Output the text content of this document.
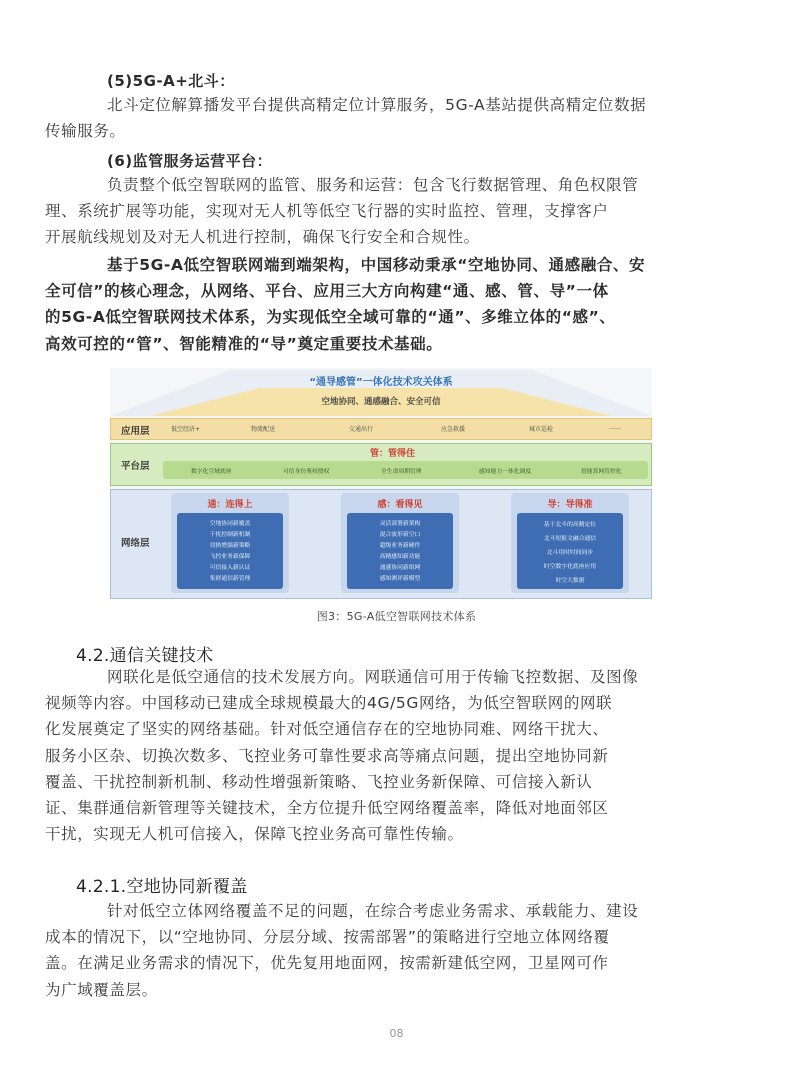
(5)5G-A+北斗：
北斗定位解算播发平台提供高精定位计算服务，5G-A基站提供高精定位数据
传输服务。
(6)监管服务运营平台：
负责整个低空智联网的监管、服务和运营：包含飞行数据管理、角色权限管
理、系统扩展等功能，实现对无人机等低空飞行器的实时监控、管理，支撑客户
开展航线规划及对无人机进行控制，确保飞行安全和合规性。
基于5G-A低空智联网端到端架构，中国移动秉承“空地协同、通感融合、安
全可信”的核心理念，从网络、平台、应用三大方向构建“通、感、管、导”一体
的5G-A低空智联网技术体系，为实现低空全域可靠的“通”、多维立体的“感”、
高效可控的“管”、智能精准的“导”奠定重要技术基础。
“通导感管”一体化技术攻关体系
空地协同、通感融合、安全可信
应用层	低空经济+	物流配送	交通出行	应急救援	城市巡检	……
平台层
管：管得住
数字化空域底座	可信身份鉴权授权	全生命周期管理	感知能力一体化调度	智能算网管控化
网络层
通：连得上
空地协同新覆盖
干扰控制新机制
切换增强新策略
飞控业务新保障
可信接入新认证
集群通信新管理
感：看得见
灵活部署新架构
混合波形新空口
超级业务新硬件
高精感知新功能
通感协同新组网
感知测评新模型
导：导得准
基于北斗的高精定位
北斗短报文融合通信
北斗用时时间同步
时空数字化底座应用
时空大数据
图3：5G-A低空智联网技术体系
4.2.通信关键技术
网联化是低空通信的技术发展方向。网联通信可用于传输飞控数据、及图像
视频等内容。中国移动已建成全球规模最大的4G/5G网络，为低空智联网的网联
化发展奠定了坚实的网络基础。针对低空通信存在的空地协同难、网络干扰大、
服务小区杂、切换次数多、飞控业务可靠性要求高等痛点问题，提出空地协同新
覆盖、干扰控制新机制、移动性增强新策略、飞控业务新保障、可信接入新认
证、集群通信新管理等关键技术，全方位提升低空网络覆盖率，降低对地面邻区
干扰，实现无人机可信接入，保障飞控业务高可靠性传输。
4.2.1.空地协同新覆盖
针对低空立体网络覆盖不足的问题，在综合考虑业务需求、承载能力、建设
成本的情况下，以“空地协同、分层分域、按需部署”的策略进行空地立体网络覆
盖。在满足业务需求的情况下，优先复用地面网，按需新建低空网，卫星网可作
为广域覆盖层。
08
